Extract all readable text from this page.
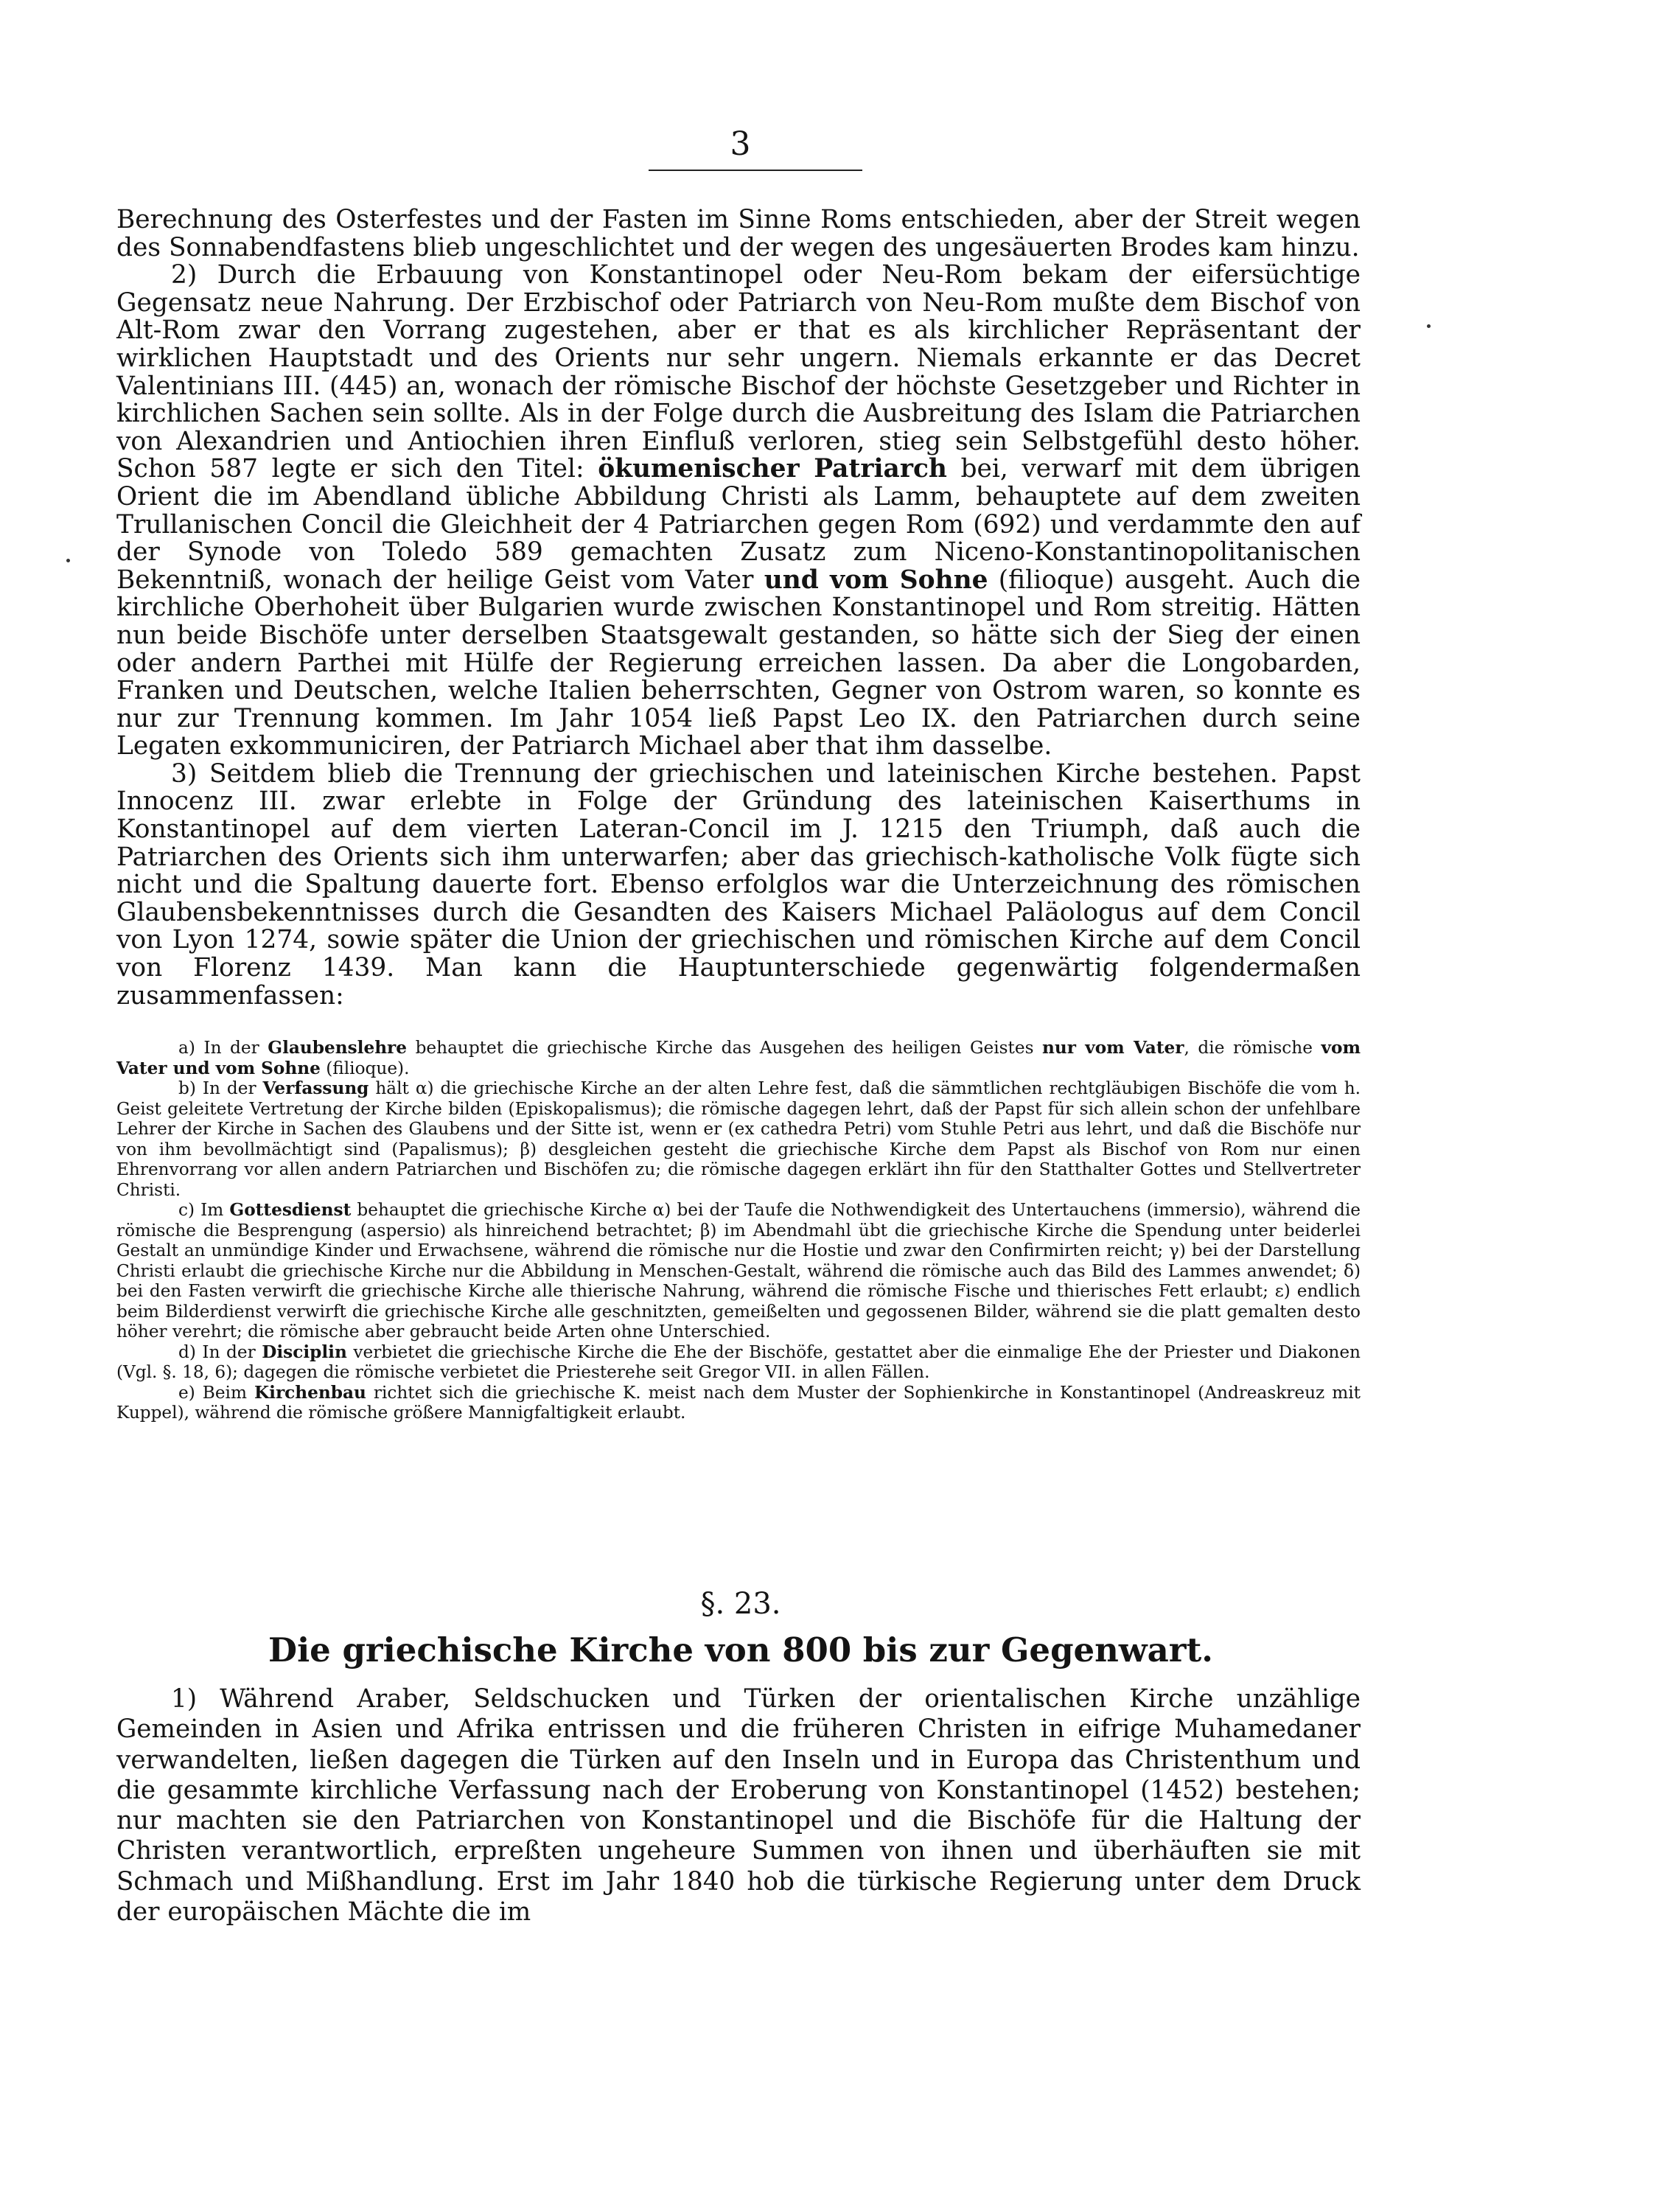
3

Berechnung des Osterfestes und der Fasten im Sinne Roms entschieden, aber der Streit wegen des Sonnabendfastens blieb ungeschlichtet und der wegen des ungesäuerten Brodes kam hinzu.

2) Durch die Erbauung von Konstantinopel oder Neu-Rom bekam der eifersüchtige Gegensatz neue Nahrung. Der Erzbischof oder Patriarch von Neu-Rom mußte dem Bischof von Alt-Rom zwar den Vorrang zugestehen, aber er that es als kirchlicher Repräsentant der wirklichen Hauptstadt und des Orients nur sehr ungern. Niemals erkannte er das Decret Valentinians III. (445) an, wonach der römische Bischof der höchste Gesetzgeber und Richter in kirchlichen Sachen sein sollte. Als in der Folge durch die Ausbreitung des Islam die Patriarchen von Alexandrien und Antiochien ihren Einfluß verloren, stieg sein Selbstgefühl desto höher. Schon 587 legte er sich den Titel: ökumenischer Patriarch bei, verwarf mit dem übrigen Orient die im Abendland übliche Abbildung Christi als Lamm, behauptete auf dem zweiten Trullanischen Concil die Gleichheit der 4 Patriarchen gegen Rom (692) und verdammte den auf der Synode von Toledo 589 gemachten Zusatz zum Niceno-Konstantinopolitanischen Bekenntniß, wonach der heilige Geist vom Vater und vom Sohne (filioque) ausgeht. Auch die kirchliche Oberhoheit über Bulgarien wurde zwischen Konstantinopel und Rom streitig. Hätten nun beide Bischöfe unter derselben Staatsgewalt gestanden, so hätte sich der Sieg der einen oder andern Parthei mit Hülfe der Regierung erreichen lassen. Da aber die Longobarden, Franken und Deutschen, welche Italien beherrschten, Gegner von Ostrom waren, so konnte es nur zur Trennung kommen. Im Jahr 1054 ließ Papst Leo IX. den Patriarchen durch seine Legaten exkommuniciren, der Patriarch Michael aber that ihm dasselbe.

3) Seitdem blieb die Trennung der griechischen und lateinischen Kirche bestehen. Papst Innocenz III. zwar erlebte in Folge der Gründung des lateinischen Kaiserthums in Konstantinopel auf dem vierten Lateran-Concil im J. 1215 den Triumph, daß auch die Patriarchen des Orients sich ihm unterwarfen; aber das griechisch-katholische Volk fügte sich nicht und die Spaltung dauerte fort. Ebenso erfolglos war die Unterzeichnung des römischen Glaubensbekenntnisses durch die Gesandten des Kaisers Michael Paläologus auf dem Concil von Lyon 1274, sowie später die Union der griechischen und römischen Kirche auf dem Concil von Florenz 1439. Man kann die Hauptunterschiede gegenwärtig folgendermaßen zusammenfassen:

a) In der Glaubenslehre behauptet die griechische Kirche das Ausgehen des heiligen Geistes nur vom Vater, die römische vom Vater und vom Sohne (filioque).

b) In der Verfassung hält α) die griechische Kirche an der alten Lehre fest, daß die sämmtlichen rechtgläubigen Bischöfe die vom h. Geist geleitete Vertretung der Kirche bilden (Episkopalismus); die römische dagegen lehrt, daß der Papst für sich allein schon der unfehlbare Lehrer der Kirche in Sachen des Glaubens und der Sitte ist, wenn er (ex cathedra Petri) vom Stuhle Petri aus lehrt, und daß die Bischöfe nur von ihm bevollmächtigt sind (Papalismus); β) desgleichen gesteht die griechische Kirche dem Papst als Bischof von Rom nur einen Ehrenvorrang vor allen andern Patriarchen und Bischöfen zu; die römische dagegen erklärt ihn für den Statthalter Gottes und Stellvertreter Christi.

c) Im Gottesdienst behauptet die griechische Kirche α) bei der Taufe die Nothwendigkeit des Untertauchens (immersio), während die römische die Besprengung (aspersio) als hinreichend betrachtet; β) im Abendmahl übt die griechische Kirche die Spendung unter beiderlei Gestalt an unmündige Kinder und Erwachsene, während die römische nur die Hostie und zwar den Confirmirten reicht; γ) bei der Darstellung Christi erlaubt die griechische Kirche nur die Abbildung in Menschen-Gestalt, während die römische auch das Bild des Lammes anwendet; δ) bei den Fasten verwirft die griechische Kirche alle thierische Nahrung, während die römische Fische und thierisches Fett erlaubt; ε) endlich beim Bilderdienst verwirft die griechische Kirche alle geschnitzten, gemeißelten und gegossenen Bilder, während sie die platt gemalten desto höher verehrt; die römische aber gebraucht beide Arten ohne Unterschied.

d) In der Disciplin verbietet die griechische Kirche die Ehe der Bischöfe, gestattet aber die einmalige Ehe der Priester und Diakonen (Vgl. §. 18, 6); dagegen die römische verbietet die Priesterehe seit Gregor VII. in allen Fällen.

e) Beim Kirchenbau richtet sich die griechische K. meist nach dem Muster der Sophienkirche in Konstantinopel (Andreaskreuz mit Kuppel), während die römische größere Mannigfaltigkeit erlaubt.

§. 23.
Die griechische Kirche von 800 bis zur Gegenwart.

1) Während Araber, Seldschucken und Türken der orientalischen Kirche unzählige Gemeinden in Asien und Afrika entrissen und die früheren Christen in eifrige Muhamedaner verwandelten, ließen dagegen die Türken auf den Inseln und in Europa das Christenthum und die gesammte kirchliche Verfassung nach der Eroberung von Konstantinopel (1452) bestehen; nur machten sie den Patriarchen von Konstantinopel und die Bischöfe für die Haltung der Christen verantwortlich, erpreßten ungeheure Summen von ihnen und überhäuften sie mit Schmach und Mißhandlung. Erst im Jahr 1840 hob die türkische Regierung unter dem Druck der europäischen Mächte die im
